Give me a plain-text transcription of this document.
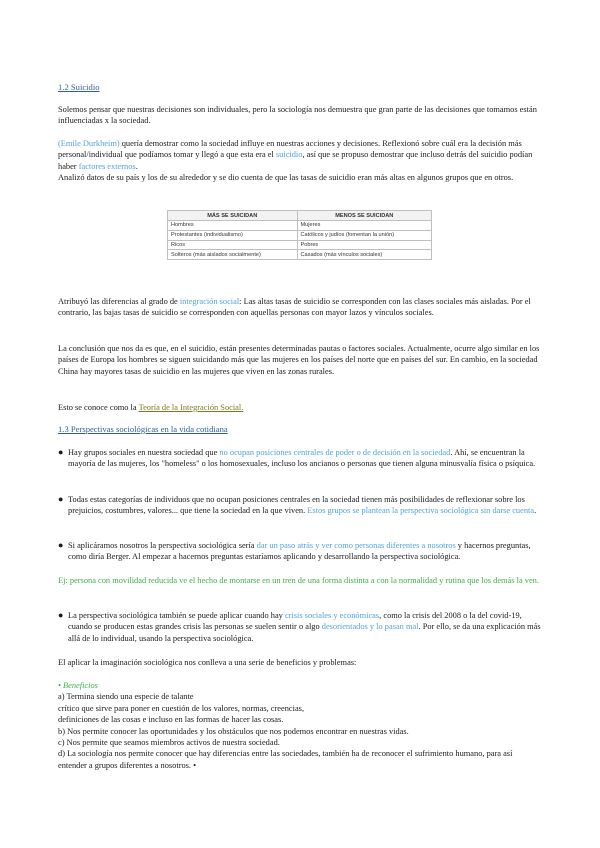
1.2 Suicidio
Solemos pensar que nuestras decisiones son individuales, pero la sociología nos demuestra que gran parte de las decisiones que tomamos están influenciadas x la sociedad.
(Emile Durkheim) quería demostrar como la sociedad influye en nuestras acciones y decisiones. Reflexionó sobre cuál era la decisión más personal/individual que podíamos tomar y llegó a que esta era el suicidio, así que se propuso demostrar que incluso detrás del suicidio podían haber factores externos.
Analizó datos de su país y los de su alrededor y se dio cuenta de que las tasas de suicidio eran más altas en algunos grupos que en otros.
MÁS SE SUICIDAN	MENOS SE SUICIDAN
Hombres	Mujeres
Protestantes (individualismo)	Católicos y judíos (fomentan la unión)
Ricos	Pobres
Solteros (más aislados socialmente)	Casados (más vínculos sociales)
Atribuyó las diferencias al grado de integración social: Las altas tasas de suicidio se corresponden con las clases sociales más aisladas. Por el contrario, las bajas tasas de suicidio se corresponden con aquellas personas con mayor lazos y vínculos sociales.
La conclusión que nos da es que, en el suicidio, están presentes determinadas pautas o factores sociales. Actualmente, ocurre algo similar en los países de Europa los hombres se siguen suicidando más que las mujeres en los países del norte que en países del sur. En cambio, en la sociedad China hay mayores tasas de suicidio en las mujeres que viven en las zonas rurales.
Esto se conoce como la Teoría de la Integración Social.
1.3 Perspectivas sociológicas en la vida cotidiana
● Hay grupos sociales en nuestra sociedad que no ocupan posiciones centrales de poder o de decisión en la sociedad. Ahí, se encuentran la mayoría de las mujeres, los "homeless" o los homosexuales, incluso los ancianos o personas que tienen alguna minusvalía física o psíquica.
● Todas estas categorías de individuos que no ocupan posiciones centrales en la sociedad tienen más posibilidades de reflexionar sobre los prejuicios, costumbres, valores... que tiene la sociedad en la que viven. Estos grupos se plantean la perspectiva sociológica sin darse cuenta.
● Si aplicáramos nosotros la perspectiva sociológica sería dar un paso atrás y ver como personas diferentes a nosotros y hacernos preguntas, como diría Berger. Al empezar a hacernos preguntas estaríamos aplicando y desarrollando la perspectiva sociológica.
Ej: persona con movilidad reducida ve el hecho de montarse en un tren de una forma distinta a con la normalidad y rutina que los demás la ven.
● La perspectiva sociológica también se puede aplicar cuando hay crisis sociales y económicas, como la crisis del 2008 o la del covid-19, cuando se producen estas grandes crisis las personas se suelen sentir o algo desorientados y lo pasan mal. Por ello, se da una explicación más allá de lo individual, usando la perspectiva sociológica.
El aplicar la imaginación sociológica nos conlleva a una serie de beneficios y problemas:
• Beneficios
a) Termina siendo una especie de talante
crítico que sirve para poner en cuestión de los valores, normas, creencias,
definiciones de las cosas e incluso en las formas de hacer las cosas.
b) Nos permite conocer las oportunidades y los obstáculos que nos podemos encontrar en nuestras vidas.
c) Nos permite que seamos miembros activos de nuestra sociedad.
d) La sociología nos permite conocer que hay diferencias entre las sociedades, también ha de reconocer el sufrimiento humano, para así entender a grupos diferentes a nosotros. •
